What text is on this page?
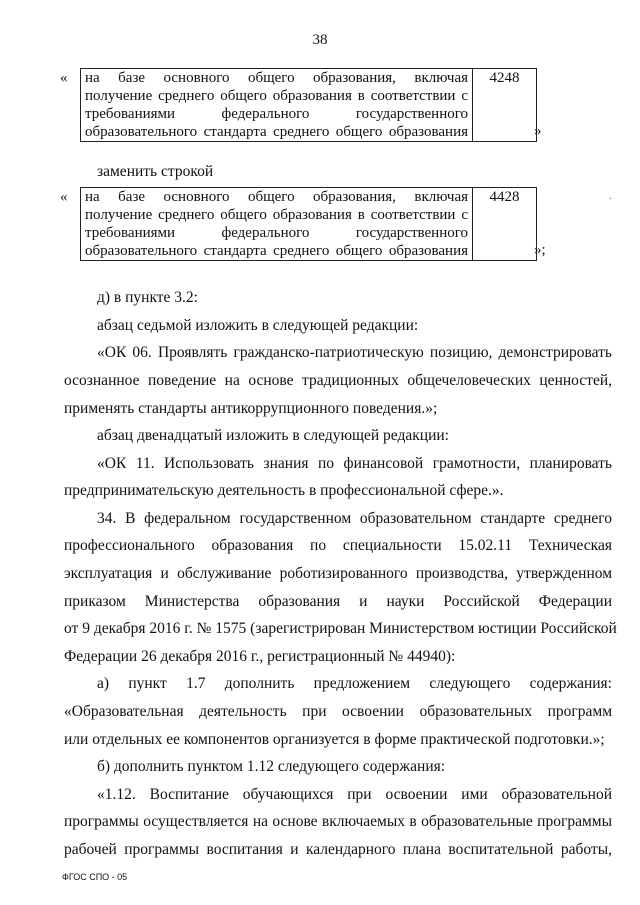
38
« на базе основного общего образования, включая
получение среднего общего образования в соответствии с
требованиями федерального государственного
образовательного стандарта среднего общего образования
	4248
»
заменить строкой
« на базе основного общего образования, включая
получение среднего общего образования в соответствии с
требованиями федерального государственного
образовательного стандарта среднего общего образования
	4428
»;
·
д) в пункте 3.2:
абзац седьмой изложить в следующей редакции:
«ОК 06. Проявлять гражданско-патриотическую позицию, демонстрировать
осознанное поведение на основе традиционных общечеловеческих ценностей,
применять стандарты антикоррупционного поведения.»;
абзац двенадцатый изложить в следующей редакции:
«ОК 11. Использовать знания по финансовой грамотности, планировать
предпринимательскую деятельность в профессиональной сфере.».
34. В федеральном государственном образовательном стандарте среднего
профессионального образования по специальности 15.02.11 Техническая
эксплуатация и обслуживание роботизированного производства, утвержденном
приказом Министерства образования и науки Российской Федерации
от 9 декабря 2016 г. № 1575 (зарегистрирован Министерством юстиции Российской
Федерации 26 декабря 2016 г., регистрационный № 44940):
а) пункт 1.7 дополнить предложением следующего содержания:
«Образовательная деятельность при освоении образовательных программ
или отдельных ее компонентов организуется в форме практической подготовки.»;
б) дополнить пунктом 1.12 следующего содержания:
«1.12. Воспитание обучающихся при освоении ими образовательной
программы осуществляется на основе включаемых в образовательные программы
рабочей программы воспитания и календарного плана воспитательной работы,
ФГОС СПО - 05
